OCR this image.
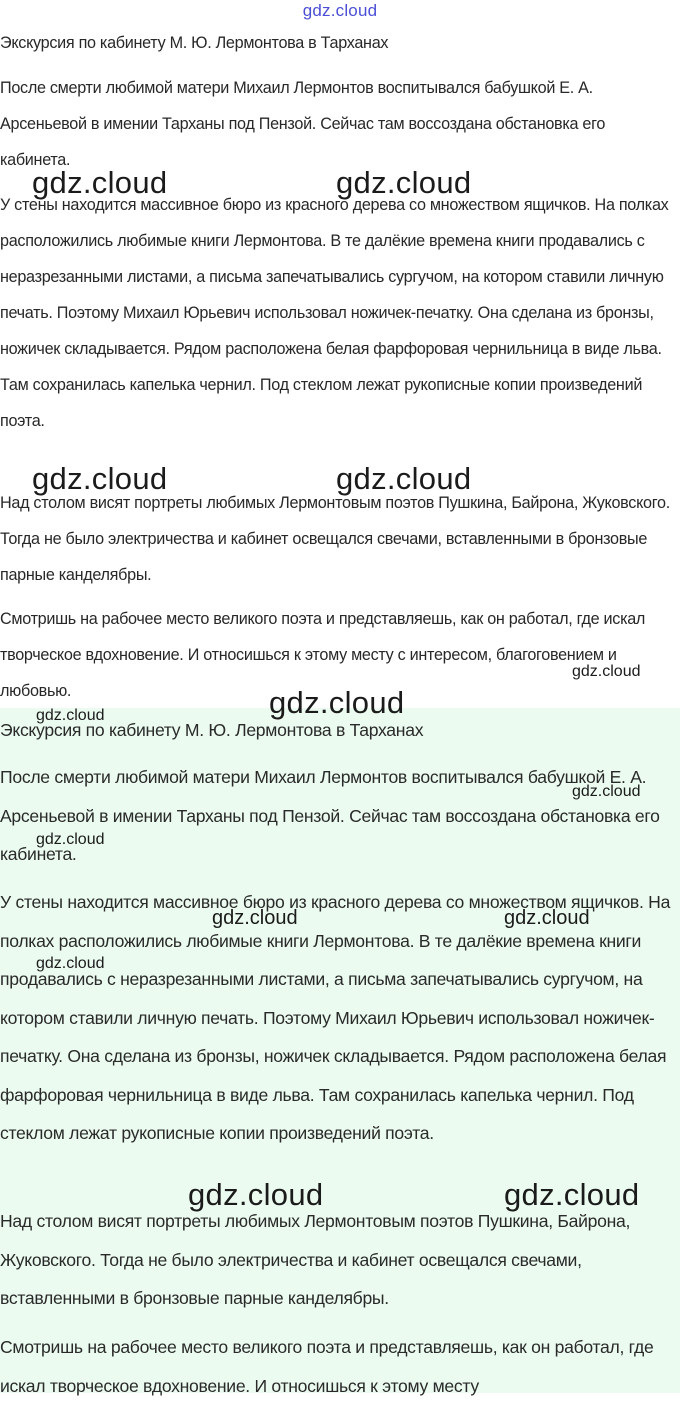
gdz.cloud

Экскурсия по кабинету М. Ю. Лермонтова в Тарханах

После смерти любимой матери Михаил Лермонтов воспитывался бабушкой Е. А. Арсеньевой в имении Тарханы под Пензой. Сейчас там воссоздана обстановка его кабинета.

У стены находится массивное бюро из красного дерева со множеством ящичков. На полках расположились любимые книги Лермонтова. В те далёкие времена книги продавались с неразрезанными листами, а письма запечатывались сургучом, на котором ставили личную печать. Поэтому Михаил Юрьевич использовал ножичек-печатку. Она сделана из бронзы, ножичек складывается. Рядом расположена белая фарфоровая чернильница в виде льва. Там сохранилась капелька чернил. Под стеклом лежат рукописные копии произведений поэта.

Над столом висят портреты любимых Лермонтовым поэтов Пушкина, Байрона, Жуковского. Тогда не было электричества и кабинет освещался свечами, вставленными в бронзовые парные канделябры.

Смотришь на рабочее место великого поэта и представляешь, как он работал, где искал творческое вдохновение. И относишься к этому месту с интересом, благоговением и любовью.

Экскурсия по кабинету М. Ю. Лермонтова в Тарханах

После смерти любимой матери Михаил Лермонтов воспитывался бабушкой Е. А. Арсеньевой в имении Тарханы под Пензой. Сейчас там воссоздана обстановка его кабинета.

У стены находится массивное бюро из красного дерева со множеством ящичков. На полках расположились любимые книги Лермонтова. В те далёкие времена книги продавались с неразрезанными листами, а письма запечатывались сургучом, на котором ставили личную печать. Поэтому Михаил Юрьевич использовал ножичек-печатку. Она сделана из бронзы, ножичек складывается. Рядом расположена белая фарфоровая чернильница в виде льва. Там сохранилась капелька чернил. Под стеклом лежат рукописные копии произведений поэта.

Над столом висят портреты любимых Лермонтовым поэтов Пушкина, Байрона, Жуковского. Тогда не было электричества и кабинет освещался свечами, вставленными в бронзовые парные канделябры.

Смотришь на рабочее место великого поэта и представляешь, как он работал, где искал творческое вдохновение. И относишься к этому месту

gdz.cloud	gdz.cloud
gdz.cloud	gdz.cloud
gdz.cloud
gdz.cloud	gdz.cloud
gdz.cloud
gdz.cloud
gdz.cloud
gdz.cloud
gdz.cloud
gdz.cloud	gdz.cloud
